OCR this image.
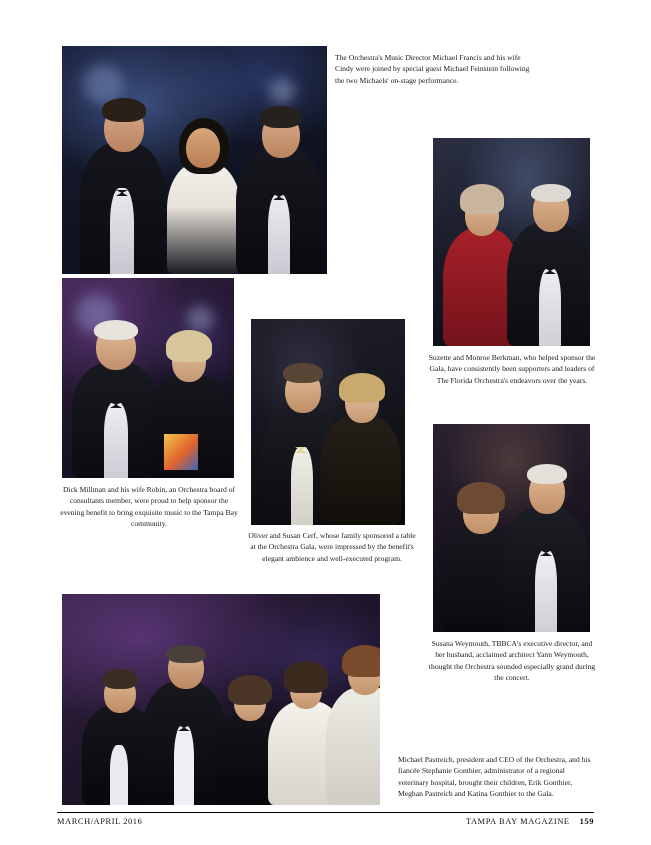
The Orchestra's Music Director Michael Francis and his wife Cindy were joined by special guest Michael Feinstein following the two Michaels' on-stage performance.
Suzette and Monroe Berkman, who helped sponsor the Gala, have consistently been supporters and leaders of The Florida Orchestra's endeavors over the years.
Dick Millman and his wife Robin, an Orchestra board of consultants member, were proud to help sponsor the evening benefit to bring exquisite music to the Tampa Bay community.
Oliver and Susan Cerf, whose family sponsored a table at the Orchestra Gala, were impressed by the benefit's elegant ambience and well-executed program.
Susana Weymouth, TBBCA's executive director, and her husband, acclaimed architect Yann Weymouth, thought the Orchestra sounded especially grand during the concert.
Michael Pastreich, president and CEO of the Orchestra, and his fiancée Stephanie Gonthier, administrator of a regional veterinary hospital, brought their children, Erik Gonthier, Meghan Pastreich and Katina Gonthier to the Gala.
MARCH/APRIL 2016	TAMPA BAY MAGAZINE 159
